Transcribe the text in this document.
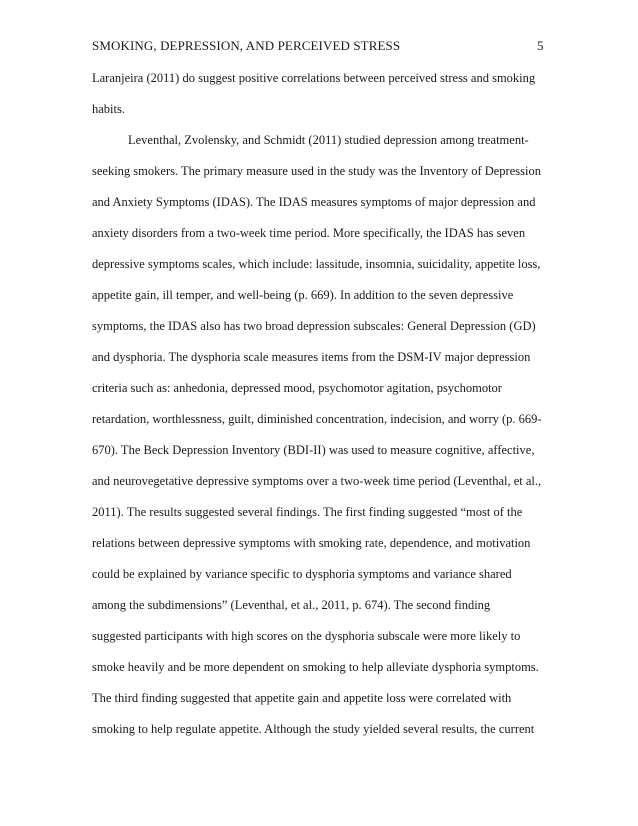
SMOKING, DEPRESSION, AND PERCEIVED STRESS	5
Laranjeira (2011) do suggest positive correlations between perceived stress and smoking
habits.
Leventhal, Zvolensky, and Schmidt (2011) studied depression among treatment-
seeking smokers. The primary measure used in the study was the Inventory of Depression
and Anxiety Symptoms (IDAS). The IDAS measures symptoms of major depression and
anxiety disorders from a two-week time period. More specifically, the IDAS has seven
depressive symptoms scales, which include: lassitude, insomnia, suicidality, appetite loss,
appetite gain, ill temper, and well-being (p. 669). In addition to the seven depressive
symptoms, the IDAS also has two broad depression subscales: General Depression (GD)
and dysphoria. The dysphoria scale measures items from the DSM-IV major depression
criteria such as: anhedonia, depressed mood, psychomotor agitation, psychomotor
retardation, worthlessness, guilt, diminished concentration, indecision, and worry (p. 669-
670). The Beck Depression Inventory (BDI-II) was used to measure cognitive, affective,
and neurovegetative depressive symptoms over a two-week time period (Leventhal, et al.,
2011). The results suggested several findings. The first finding suggested “most of the
relations between depressive symptoms with smoking rate, dependence, and motivation
could be explained by variance specific to dysphoria symptoms and variance shared
among the subdimensions” (Leventhal, et al., 2011, p. 674). The second finding
suggested participants with high scores on the dysphoria subscale were more likely to
smoke heavily and be more dependent on smoking to help alleviate dysphoria symptoms.
The third finding suggested that appetite gain and appetite loss were correlated with
smoking to help regulate appetite. Although the study yielded several results, the current
